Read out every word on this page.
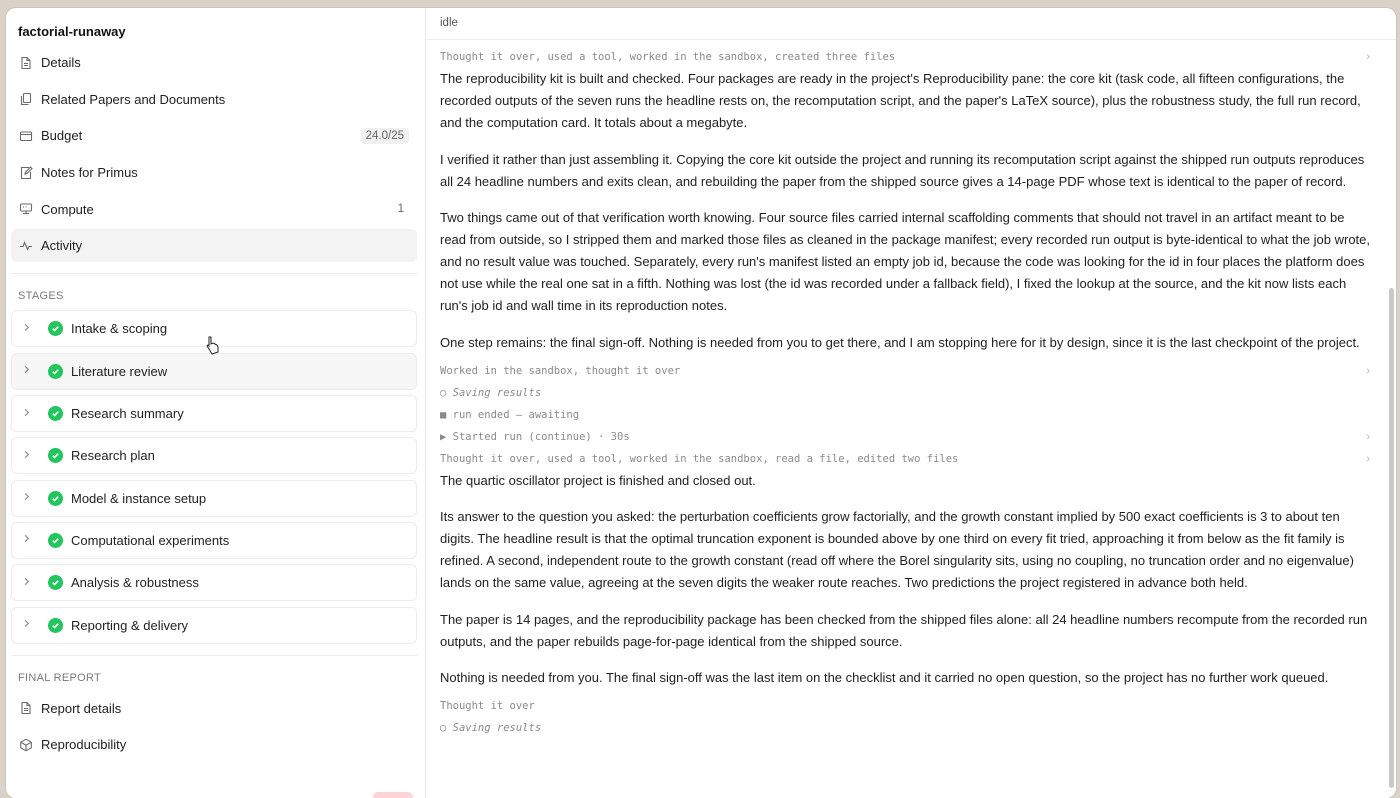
factorial-runaway
Details
Related Papers and Documents
Budget	24.0/25
Notes for Primus
Compute	1
Activity
STAGES
Intake & scoping
Literature review
Research summary
Research plan
Model & instance setup
Computational experiments
Analysis & robustness
Reporting & delivery
FINAL REPORT
Report details
Reproducibility
idle
Thought it over, used a tool, worked in the sandbox, created three files	›

The reproducibility kit is built and checked. Four packages are ready in the project's Reproducibility pane: the core kit (task code, all fifteen configurations, the recorded outputs of the seven runs the headline rests on, the recomputation script, and the paper's LaTeX source), plus the robustness study, the full run record, and the computation card. It totals about a megabyte.

I verified it rather than just assembling it. Copying the core kit outside the project and running its recomputation script against the shipped run outputs reproduces all 24 headline numbers and exits clean, and rebuilding the paper from the shipped source gives a 14-page PDF whose text is identical to the paper of record.

Two things came out of that verification worth knowing. Four source files carried internal scaffolding comments that should not travel in an artifact meant to be read from outside, so I stripped them and marked those files as cleaned in the package manifest; every recorded run output is byte-identical to what the job wrote, and no result value was touched. Separately, every run's manifest listed an empty job id, because the code was looking for the id in four places the platform does not use while the real one sat in a fifth. Nothing was lost (the id was recorded under a fallback field), I fixed the lookup at the source, and the kit now lists each run's job id and wall time in its reproduction notes.

One step remains: the final sign-off. Nothing is needed from you to get there, and I am stopping here for it by design, since it is the last checkpoint of the project.

Worked in the sandbox, thought it over	›
○ Saving results
■ run ended — awaiting
▶ Started run (continue) · 30s	›
Thought it over, used a tool, worked in the sandbox, read a file, edited two files	›

The quartic oscillator project is finished and closed out.

Its answer to the question you asked: the perturbation coefficients grow factorially, and the growth constant implied by 500 exact coefficients is 3 to about ten digits. The headline result is that the optimal truncation exponent is bounded above by one third on every fit tried, approaching it from below as the fit family is refined. A second, independent route to the growth constant (read off where the Borel singularity sits, using no coupling, no truncation order and no eigenvalue) lands on the same value, agreeing at the seven digits the weaker route reaches. Two predictions the project registered in advance both held.

The paper is 14 pages, and the reproducibility package has been checked from the shipped files alone: all 24 headline numbers recompute from the recorded run outputs, and the paper rebuilds page-for-page identical from the shipped source.

Nothing is needed from you. The final sign-off was the last item on the checklist and it carried no open question, so the project has no further work queued.

Thought it over
○ Saving results
